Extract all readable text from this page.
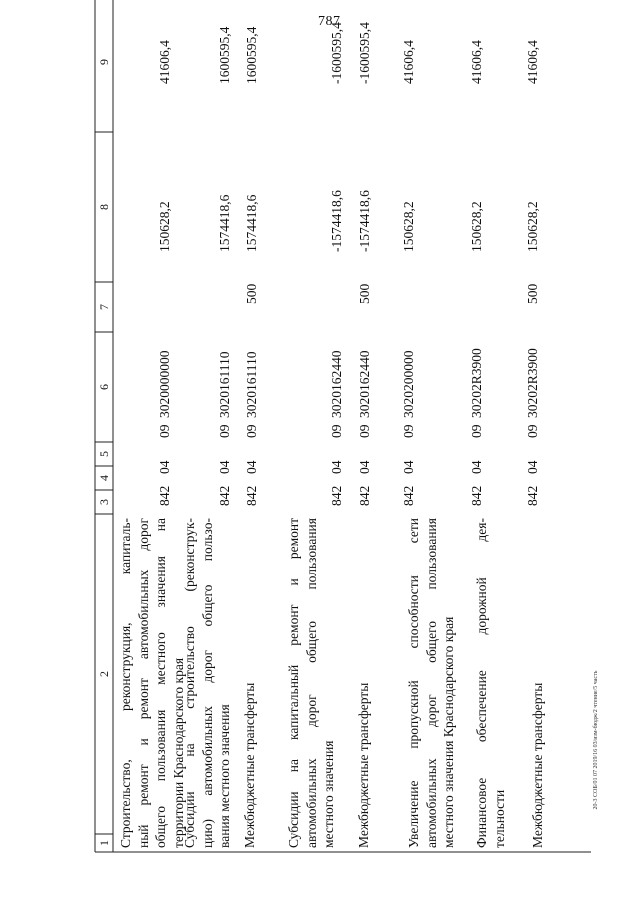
787
20-3 СОБ/01 07 2019/16 03/изм-бюдж/2 чтение/5 часть
1
2
3
4
5
6
7
8
9
Строительство, реконструкция, капиталь- ный ремонт и ремонт автомобильных дорог общего пользования местного значения на территории Краснодарского края
842
04
09
3020000000
150628,2
41606,4
Субсидии на строительство (реконструк- цию) автомобильных дорог общего пользо- вания местного значения
842
04
09
3020161110
1574418,6
1600595,4
Межбюджетные трансферты
842
04
09
3020161110
500
1574418,6
1600595,4
Субсидии на капитальный ремонт и ремонт автомобильных дорог общего пользования местного значения
842
04
09
3020162440
-1574418,6
-1600595,4
Межбюджетные трансферты
842
04
09
3020162440
500
-1574418,6
-1600595,4
Увеличение пропускной способности сети автомобильных дорог общего пользования местного значения Краснодарского края
842
04
09
3020200000
150628,2
41606,4
Финансовое обеспечение дорожной дея- тельности
842
04
09
30202R3900
150628,2
41606,4
Межбюджетные трансферты
842
04
09
30202R3900
500
150628,2
41606,4
